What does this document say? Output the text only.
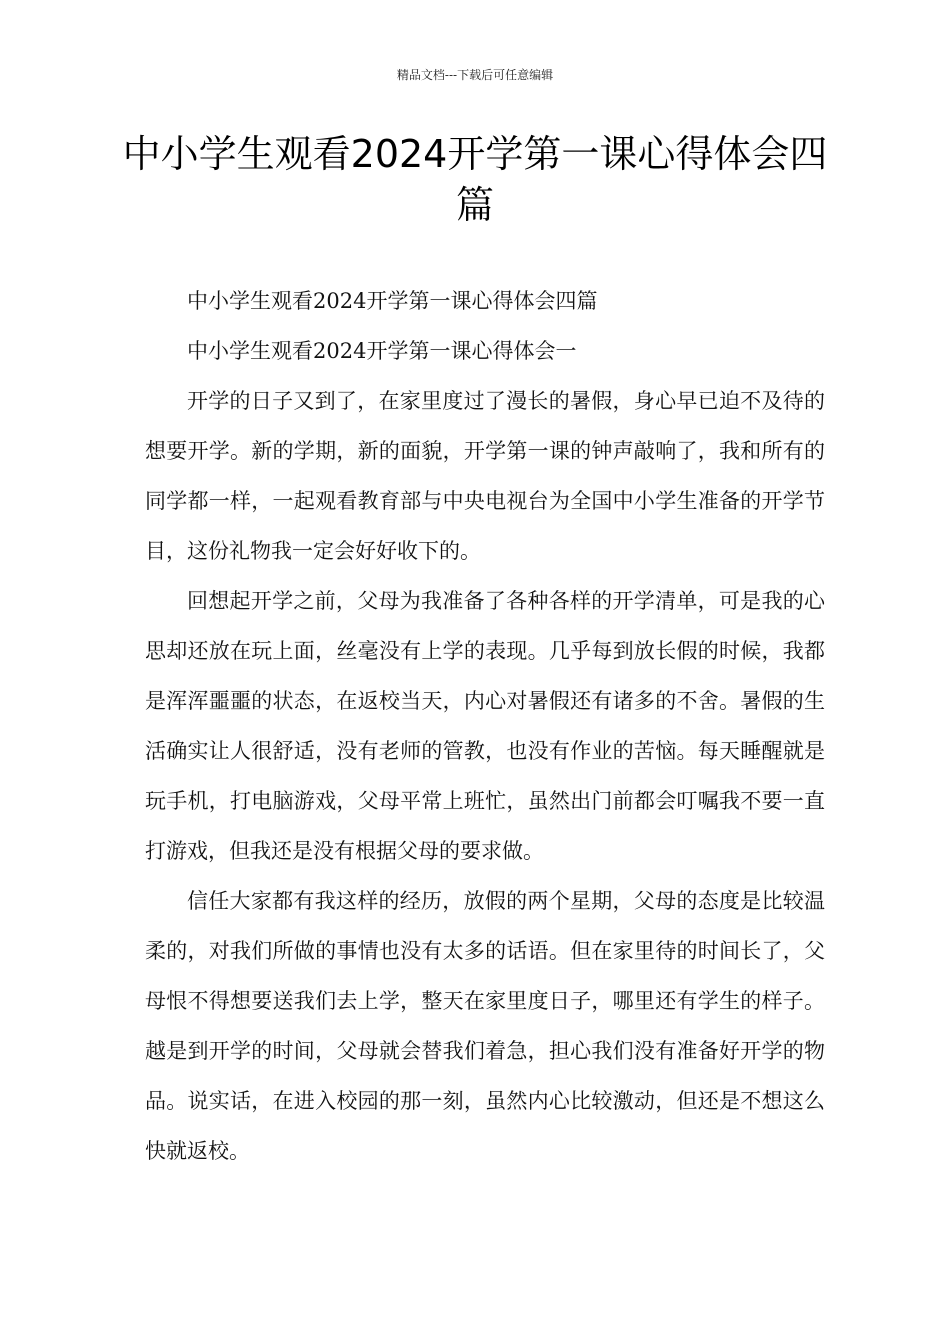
精品文档---下载后可任意编辑
中小学生观看2024开学第一课心得体会四篇

中小学生观看2024开学第一课心得体会四篇

中小学生观看2024开学第一课心得体会一

开学的日子又到了，在家里度过了漫长的暑假，身心早已迫不及待的想要开学。新的学期，新的面貌，开学第一课的钟声敲响了，我和所有的同学都一样，一起观看教育部与中央电视台为全国中小学生准备的开学节目，这份礼物我一定会好好收下的。

回想起开学之前，父母为我准备了各种各样的开学清单，可是我的心思却还放在玩上面，丝毫没有上学的表现。几乎每到放长假的时候，我都是浑浑噩噩的状态，在返校当天，内心对暑假还有诸多的不舍。暑假的生活确实让人很舒适，没有老师的管教，也没有作业的苦恼。每天睡醒就是玩手机，打电脑游戏，父母平常上班忙，虽然出门前都会叮嘱我不要一直打游戏，但我还是没有根据父母的要求做。

信任大家都有我这样的经历，放假的两个星期，父母的态度是比较温柔的，对我们所做的事情也没有太多的话语。但在家里待的时间长了，父母恨不得想要送我们去上学，整天在家里度日子，哪里还有学生的样子。越是到开学的时间，父母就会替我们着急，担心我们没有准备好开学的物品。说实话，在进入校园的那一刻，虽然内心比较激动，但还是不想这么快就返校。
